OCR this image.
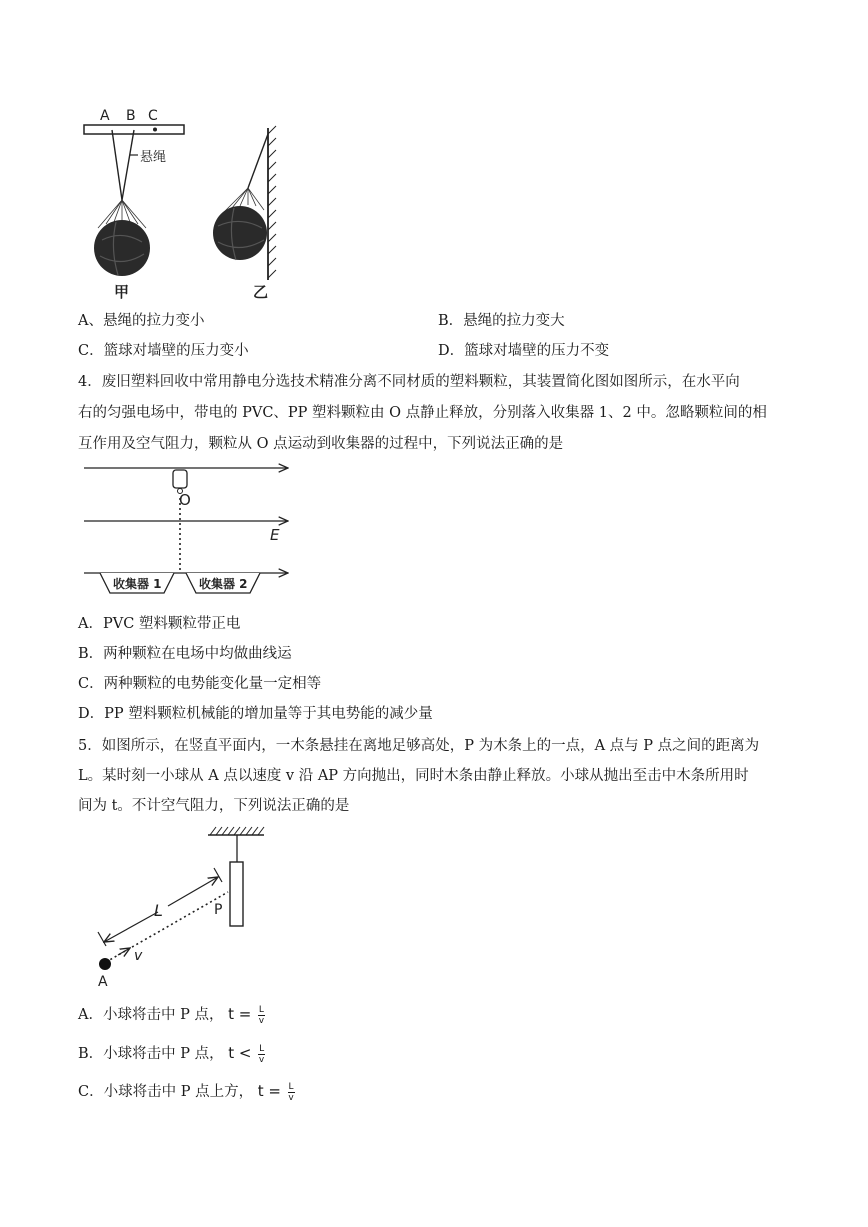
A B C
悬绳
甲	乙
A、悬绳的拉力变小	B．悬绳的拉力变大
C．篮球对墙壁的压力变小	D．篮球对墙壁的压力不变
4．废旧塑料回收中常用静电分选技术精准分离不同材质的塑料颗粒，其装置简化图如图所示，在水平向
右的匀强电场中，带电的 PVC、PP 塑料颗粒由 O 点静止释放，分别落入收集器 1、2 中。忽略颗粒间的相
互作用及空气阻力，颗粒从 O 点运动到收集器的过程中，下列说法正确的是
O
E
收集器 1	收集器 2
A．PVC 塑料颗粒带正电
B．两种颗粒在电场中均做曲线运
C．两种颗粒的电势能变化量一定相等
D．PP 塑料颗粒机械能的增加量等于其电势能的减少量
5．如图所示，在竖直平面内，一木条悬挂在离地足够高处，P 为木条上的一点，A 点与 P 点之间的距离为
L。某时刻一小球从 A 点以速度 v 沿 AP 方向抛出，同时木条由静止释放。小球从抛出至击中木条所用时
间为 t。不计空气阻力，下列说法正确的是
L	P
v
A
A．小球将击中 P 点， $t = \frac{L}{v}$
B．小球将击中 P 点， $t < \frac{L}{v}$
C．小球将击中 P 点上方， $t = \frac{L}{v}$
